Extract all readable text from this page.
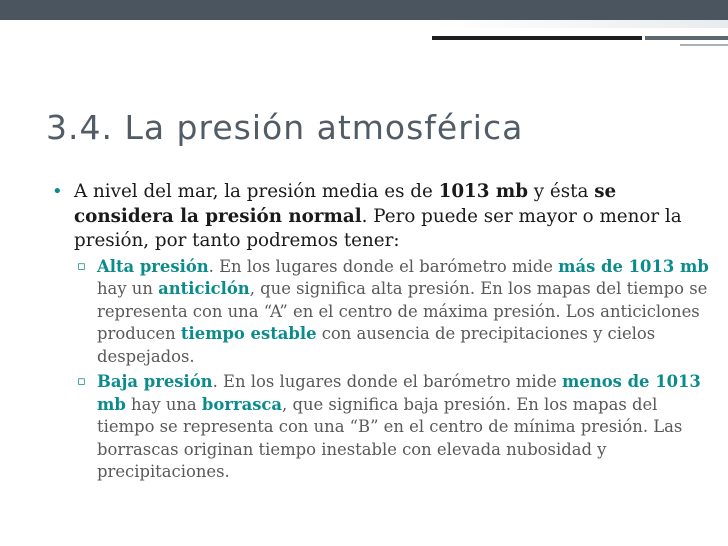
3.4. La presión atmosférica
• A nivel del mar, la presión media es de 1013 mb y ésta se considera la presión normal. Pero puede ser mayor o menor la presión, por tanto podremos tener:
▫ Alta presión. En los lugares donde el barómetro mide más de 1013 mb hay un anticiclón, que significa alta presión. En los mapas del tiempo se representa con una “A” en el centro de máxima presión. Los anticiclones producen tiempo estable con ausencia de precipitaciones y cielos despejados.
▫ Baja presión. En los lugares donde el barómetro mide menos de 1013 mb hay una borrasca, que significa baja presión. En los mapas del tiempo se representa con una “B” en el centro de mínima presión. Las borrascas originan tiempo inestable con elevada nubosidad y precipitaciones.
